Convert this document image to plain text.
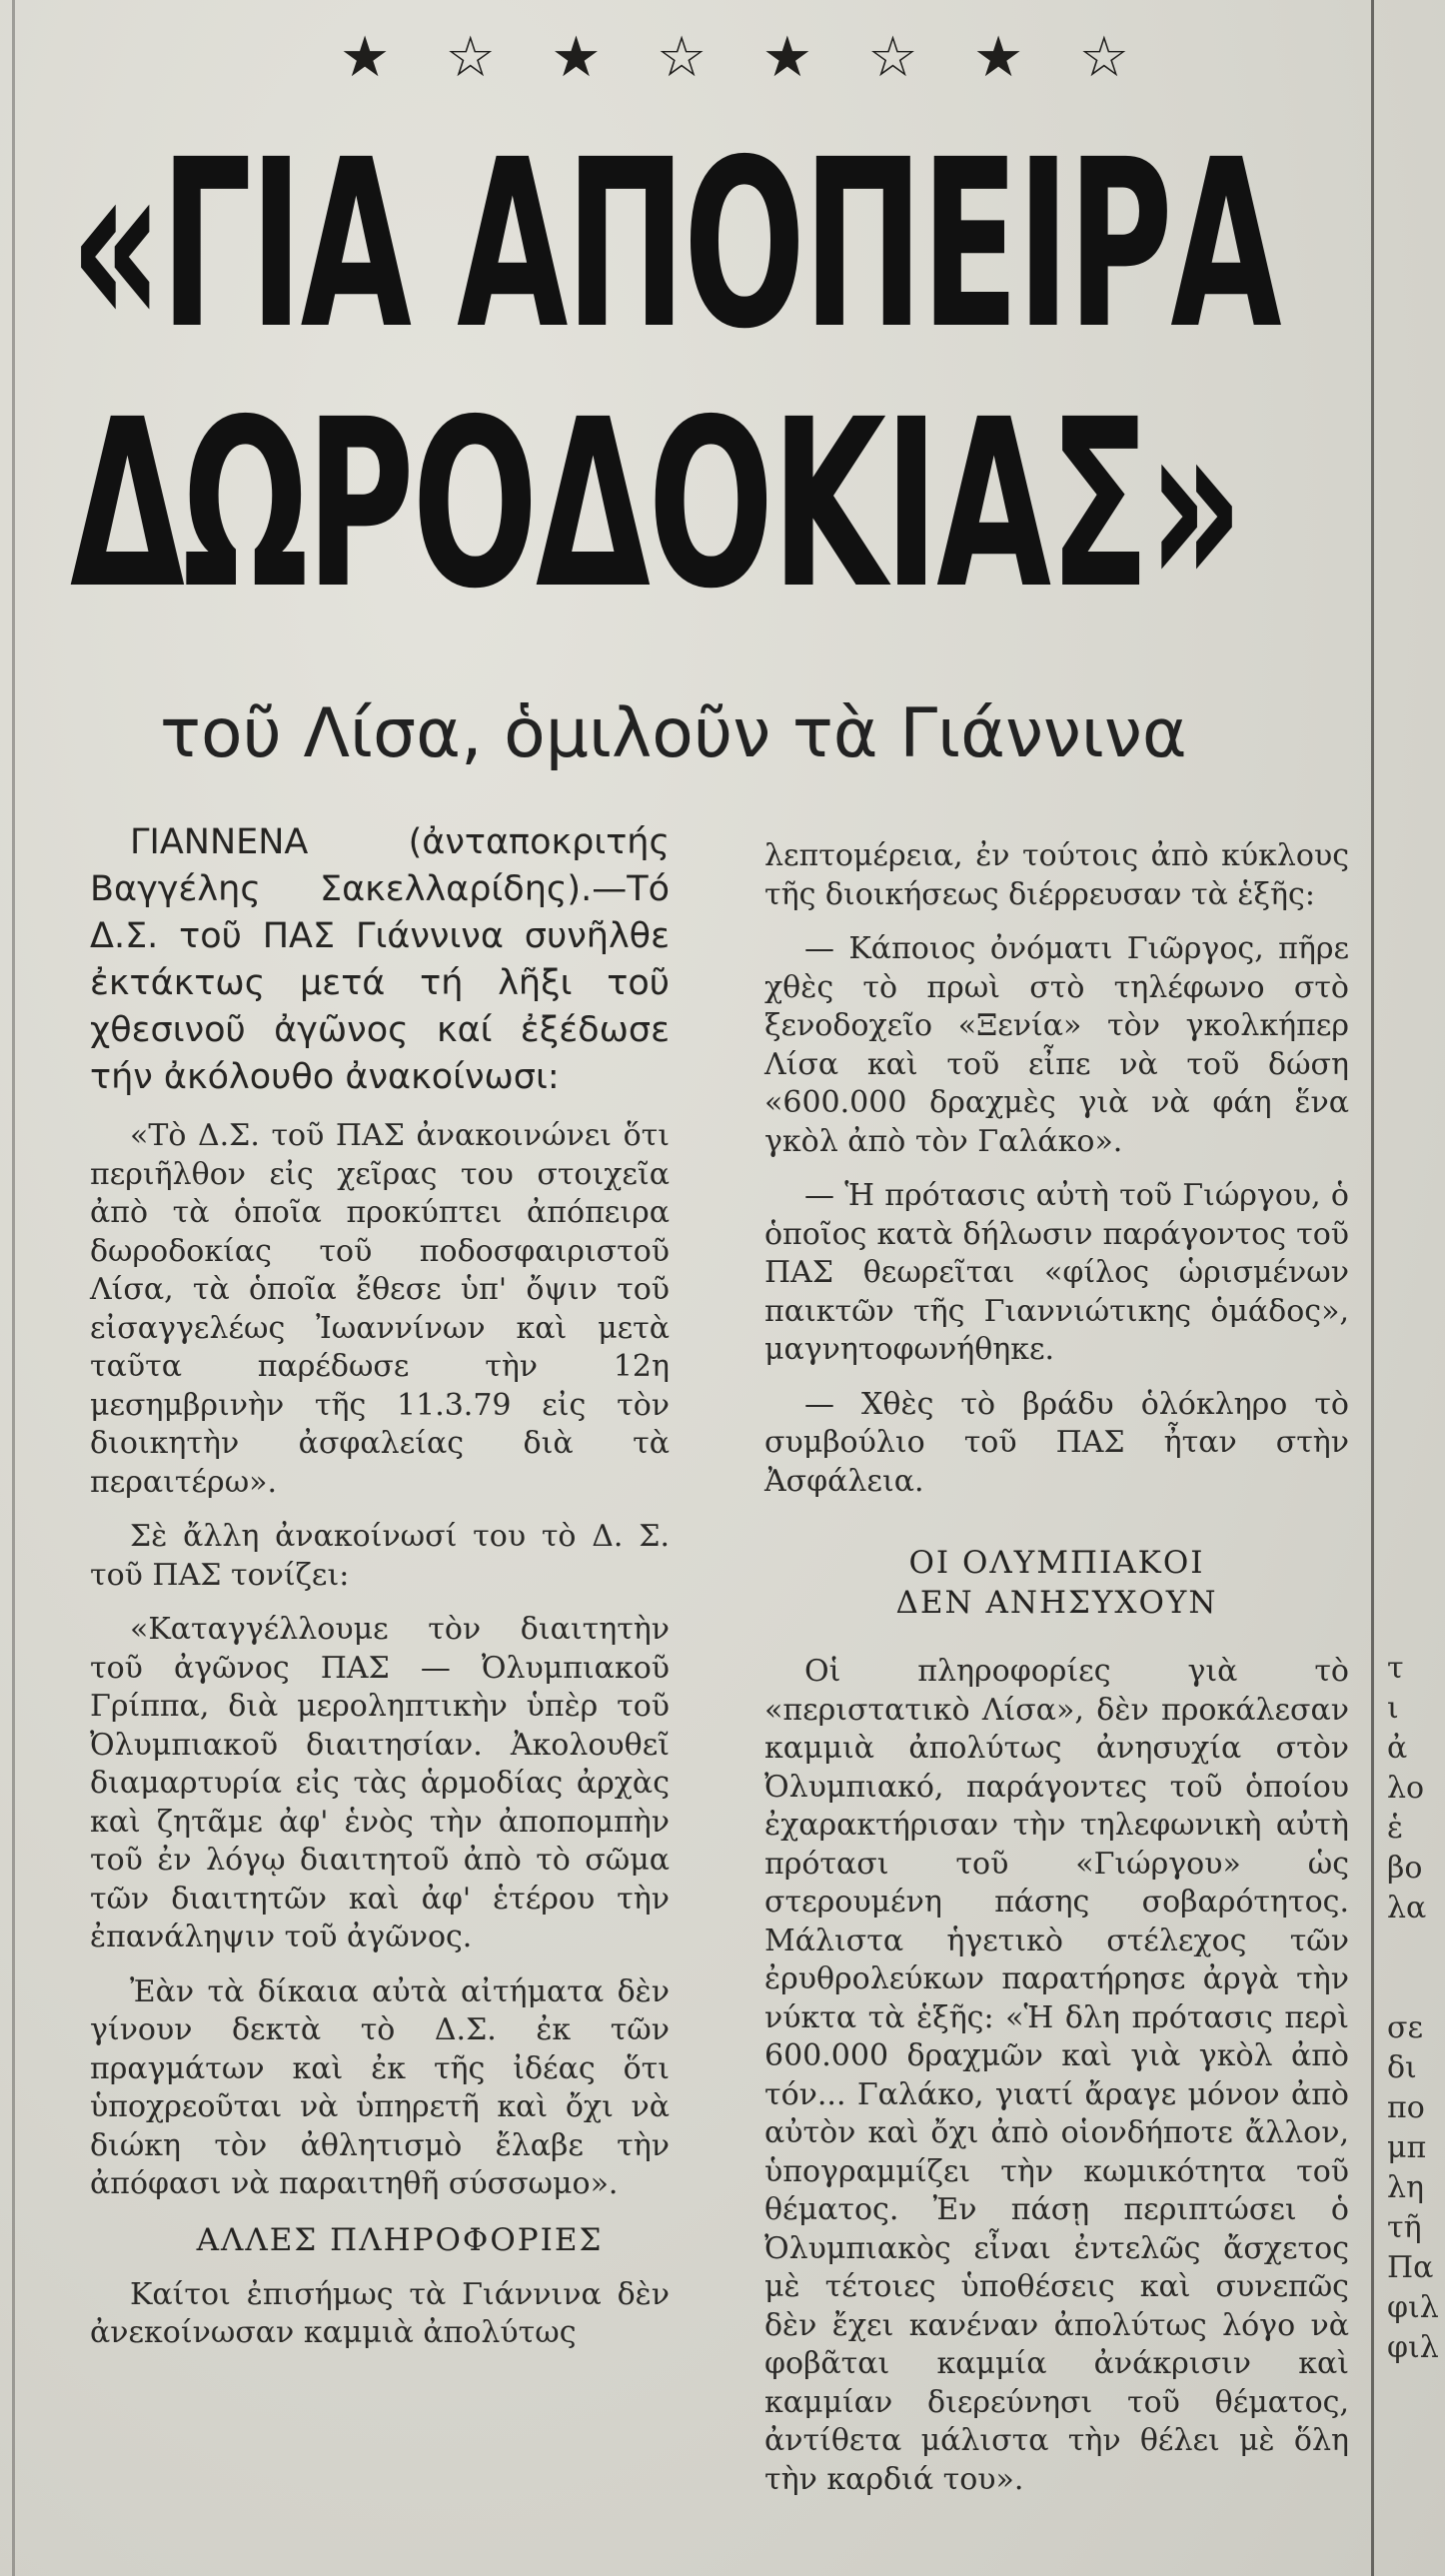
★ ☆ ★ ☆ ★ ☆ ★ ☆
«ΓΙΑ ΑΠΟΠΕΙΡΑ
ΔΩΡΟΔΟΚΙΑΣ»
τοῦ Λίσα, ὁμιλοῦν τὰ Γιάννινα

ΓΙΑΝΝΕΝΑ (ἀνταποκριτής Βαγγέλης Σακελλαρίδης).—Τό Δ.Σ. τοῦ ΠΑΣ Γιάννινα συνῆλθε ἐκτάκτως μετά τή λῆξι τοῦ χθεσινοῦ ἀγῶνος καί ἐξέδωσε τήν ἀκόλουθο ἀνακοίνωσι:

«Τὸ Δ.Σ. τοῦ ΠΑΣ ἀνακοινώνει ὅτι περιῆλθον εἰς χεῖρας του στοιχεῖα ἀπὸ τὰ ὁποῖα προκύπτει ἀπόπειρα δωροδοκίας τοῦ ποδοσφαιριστοῦ Λίσα, τὰ ὁποῖα ἔθεσε ὑπ' ὄψιν τοῦ εἰσαγγελέως Ἰωαννίνων καὶ μετὰ ταῦτα παρέδωσε τὴν 12η μεσημβρινὴν τῆς 11.3.79 εἰς τὸν διοικητὴν ἀσφαλείας διὰ τὰ περαιτέρω».

Σὲ ἄλλη ἀνακοίνωσί του τὸ Δ. Σ. τοῦ ΠΑΣ τονίζει:

«Καταγγέλλουμε τὸν διαιτητὴν τοῦ ἀγῶνος ΠΑΣ — Ὀλυμπιακοῦ Γρίππα, διὰ μεροληπτικὴν ὑπὲρ τοῦ Ὀλυμπιακοῦ διαιτησίαν. Ἀκολουθεῖ διαμαρτυρία εἰς τὰς ἁρμοδίας ἀρχὰς καὶ ζητᾶμε ἀφ' ἑνὸς τὴν ἀποπομπὴν τοῦ ἐν λόγῳ διαιτητοῦ ἀπὸ τὸ σῶμα τῶν διαιτητῶν καὶ ἀφ' ἑτέρου τὴν ἐπανάληψιν τοῦ ἀγῶνος.

Ἐὰν τὰ δίκαια αὐτὰ αἰτήματα δὲν γίνουν δεκτὰ τὸ Δ.Σ. ἐκ τῶν πραγμάτων καὶ ἐκ τῆς ἰδέας ὅτι ὑποχρεοῦται νὰ ὑπηρετῆ καὶ ὄχι νὰ διώκη τὸν ἀθλητισμὸ ἔλαβε τὴν ἀπόφασι νὰ παραιτηθῆ σύσσωμο».

ΑΛΛΕΣ ΠΛΗΡΟΦΟΡΙΕΣ

Καίτοι ἐπισήμως τὰ Γιάννινα δὲν ἀνεκοίνωσαν καμμιὰ ἀπολύτως

λεπτομέρεια, ἐν τούτοις ἀπὸ κύκλους τῆς διοικήσεως διέρρευσαν τὰ ἑξῆς:

— Κάποιος ὀνόματι Γιῶργος, πῆρε χθὲς τὸ πρωὶ στὸ τηλέφωνο στὸ ξενοδοχεῖο «Ξενία» τὸν γκολκήπερ Λίσα καὶ τοῦ εἶπε νὰ τοῦ δώση «600.000 δραχμὲς γιὰ νὰ φάη ἕνα γκὸλ ἀπὸ τὸν Γαλάκο».

— Ἡ πρότασις αὐτὴ τοῦ Γιώργου, ὁ ὁποῖος κατὰ δήλωσιν παράγοντος τοῦ ΠΑΣ θεωρεῖται «φίλος ὡρισμένων παικτῶν τῆς Γιαννιώτικης ὁμάδος», μαγνητοφωνήθηκε.

— Χθὲς τὸ βράδυ ὁλόκληρο τὸ συμβούλιο τοῦ ΠΑΣ ἦταν στὴν Ἀσφάλεια.

ΟΙ ΟΛΥΜΠΙΑΚΟΙ
ΔΕΝ ΑΝΗΣΥΧΟΥΝ

Οἱ πληροφορίες γιὰ τὸ «περιστατικὸ Λίσα», δὲν προκάλεσαν καμμιὰ ἀπολύτως ἀνησυχία στὸν Ὀλυμπιακό, παράγοντες τοῦ ὁποίου ἐχαρακτήρισαν τὴν τηλεφωνικὴ αὐτὴ πρότασι τοῦ «Γιώργου» ὡς στερουμένη πάσης σοβαρότητος. Μάλιστα ἡγετικὸ στέλεχος τῶν ἐρυθρολεύκων παρατήρησε ἀργὰ τὴν νύκτα τὰ ἑξῆς: «Ἡ δλη πρότασις περὶ 600.000 δραχμῶν καὶ γιὰ γκὸλ ἀπὸ τόν... Γαλάκο, γιατί ἄραγε μόνον ἀπὸ αὐτὸν καὶ ὄχι ἀπὸ οἱονδήποτε ἄλλον, ὑπογραμμίζει τὴν κωμικότητα τοῦ θέματος. Ἐν πάσῃ περιπτώσει ὁ Ὀλυμπιακὸς εἶναι ἐντελῶς ἄσχετος μὲ τέτοιες ὑποθέσεις καὶ συνεπῶς δὲν ἔχει κανέναν ἀπολύτως λόγο νὰ φοβᾶται καμμία ἀνάκρισιν καὶ καμμίαν διερεύνησι τοῦ θέματος, ἀντίθετα μάλιστα τὴν θέλει μὲ ὅλη τὴν καρδιά του».

τ
ι
ἀ
λο
ἑ
βο
λα

σε
δι
πο
μπ
λη
τῆ
Πα
φιλ
φιλ
